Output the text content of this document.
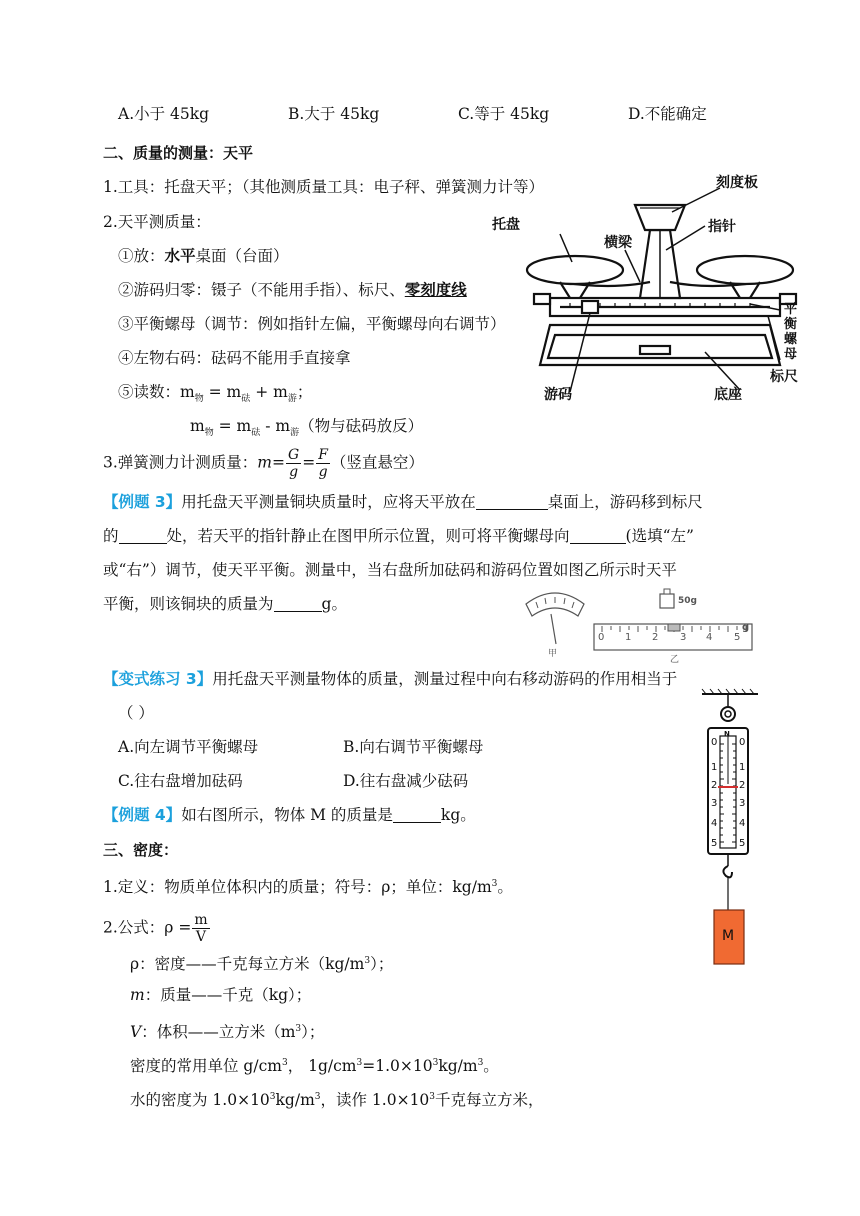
A.小于 45kg	B.大于 45kg	C.等于 45kg	D.不能确定
二、质量的测量：天平
1.工具：托盘天平；（其他测质量工具：电子秤、弹簧测力计等）
2.天平测质量：
①放：水平桌面（台面）
②游码归零：镊子（不能用手指）、标尺、零刻度线
③平衡螺母（调节：例如指针左偏，平衡螺母向右调节）
④左物右码：砝码不能用手直接拿
⑤读数：$m_物 = m_砝 + m_游$；
$m_物 = m_砝 - m_游$（物与砝码放反）
3.弹簧测力计测质量：$m= \frac{G}{g} = \frac{F}{g}$ （竖直悬空）
刻度板
托盘
横梁
指针
平衡
螺母
游码	底座
标尺
【例题 3】用托盘天平测量铜块质量时，应将天平放在	桌面上，游码移到标尺
的	处，若天平的指针静止在图甲所示位置，则可将平衡螺母向	(选填“左”
或“右”）调节，使天平平衡。测量中，当右盘所加砝码和游码位置如图乙所示时天平
平衡，则该铜块的质量为	g。
甲
50g
0 1 2 3 4 5
g
乙
【变式练习 3】用托盘天平测量物体的质量，测量过程中向右移动游码的作用相当于
（ ）
A.向左调节平衡螺母	B.向右调节平衡螺母
C.往右盘增加砝码	D.往右盘减少砝码
【例题 4】如右图所示，物体 M 的质量是	kg。
N
0
1
2
3
4
5
0
1
2
3
4
5
M
三、密度：
1.定义：物质单位体积内的质量；符号：ρ；单位：$kg/m^3$。
2.公式：$\rho = \frac{m}{V}$
ρ：密度——千克每立方米$(kg/m^3)$；
m：质量——千克（kg）；
V：体积——立方米$(m^3)$；
密度的常用单位 $g/cm^3$， $1g/cm^3=1.0\times 10^3kg/m^3$。
水的密度为 $1.0\times 10^3kg/m^3$，读作 $1.0\times 10^3$千克每立方米，
